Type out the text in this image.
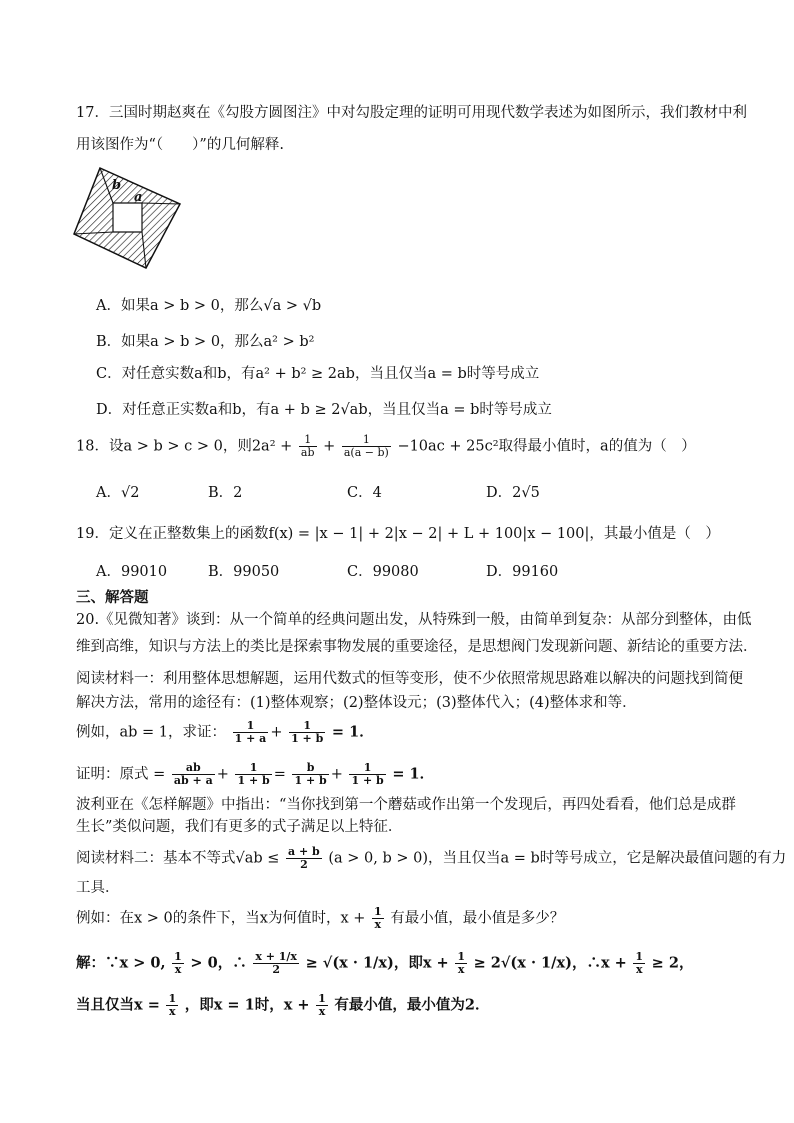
17．三国时期赵爽在《勾股方圆图注》中对勾股定理的证明可用现代数学表述为如图所示，我们教材中利
用该图作为“（　　）”的几何解释.
b
a
A．如果a > b > 0，那么√a > √b
B．如果a > b > 0，那么a² > b²
C．对任意实数a和b，有a² + b² ≥ 2ab，当且仅当a = b时等号成立
D．对任意正实数a和b，有a + b ≥ 2√ab，当且仅当a = b时等号成立
18．设a > b > c > 0，则$2a^2 + \frac{1}{ab} + \frac{1}{a(a - b)} -10ac + 25c^2$取得最小值时，a的值为（　）
A．√2	B．2	C．4	D．2√5
19．定义在正整数集上的函数f(x) = |x − 1| + 2|x − 2| + L + 100|x − 100|，其最小值是（　）
A．99010	B．99050	C．99080	D．99160
三、解答题
20.《见微知著》谈到：从一个简单的经典问题出发，从特殊到一般，由简单到复杂：从部分到整体，由低
维到高维，知识与方法上的类比是探索事物发展的重要途径，是思想阀门发现新问题、新结论的重要方法．
阅读材料一：利用整体思想解题，运用代数式的恒等变形，使不少依照常规思路难以解决的问题找到简便
解决方法，常用的途径有：(1)整体观察；(2)整体设元；(3)整体代入；(4)整体求和等．
例如，ab = 1，求证： $\frac{1}{1 + a} + \frac{1}{1 + b} = 1$．
证明：原式 = $\frac{ab}{ab + a} + \frac{1}{1 + b} = \frac{b}{1 + b} + \frac{1}{1 + b} = 1$．
波利亚在《怎样解题》中指出：“当你找到第一个蘑菇或作出第一个发现后，再四处看看，他们总是成群
生长”类似问题，我们有更多的式子满足以上特征．
阅读材料二：基本不等式$√ab \le \frac{a + b}{2} (a > 0$, b > 0)，当且仅当a = b时等号成立，它是解决最值问题的有力
工具．
例如：在x > 0的条件下，当x为何值时，$x + \frac{1}{x}$ 有最小值，最小值是多少？
解：∵x > 0, $\frac{1}{x} > 0$，∴ $\frac{x + 1/x}{2} \ge √(x \cdot 1/x)$，即$x + \frac{1}{x} \ge 2√(x \cdot 1/x)$，∴x + $\frac{1}{x} \ge 2$，
当且仅当$x = \frac{1}{x}$ ，即x = 1时，$x + \frac{1}{x}$ 有最小值，最小值为2．
